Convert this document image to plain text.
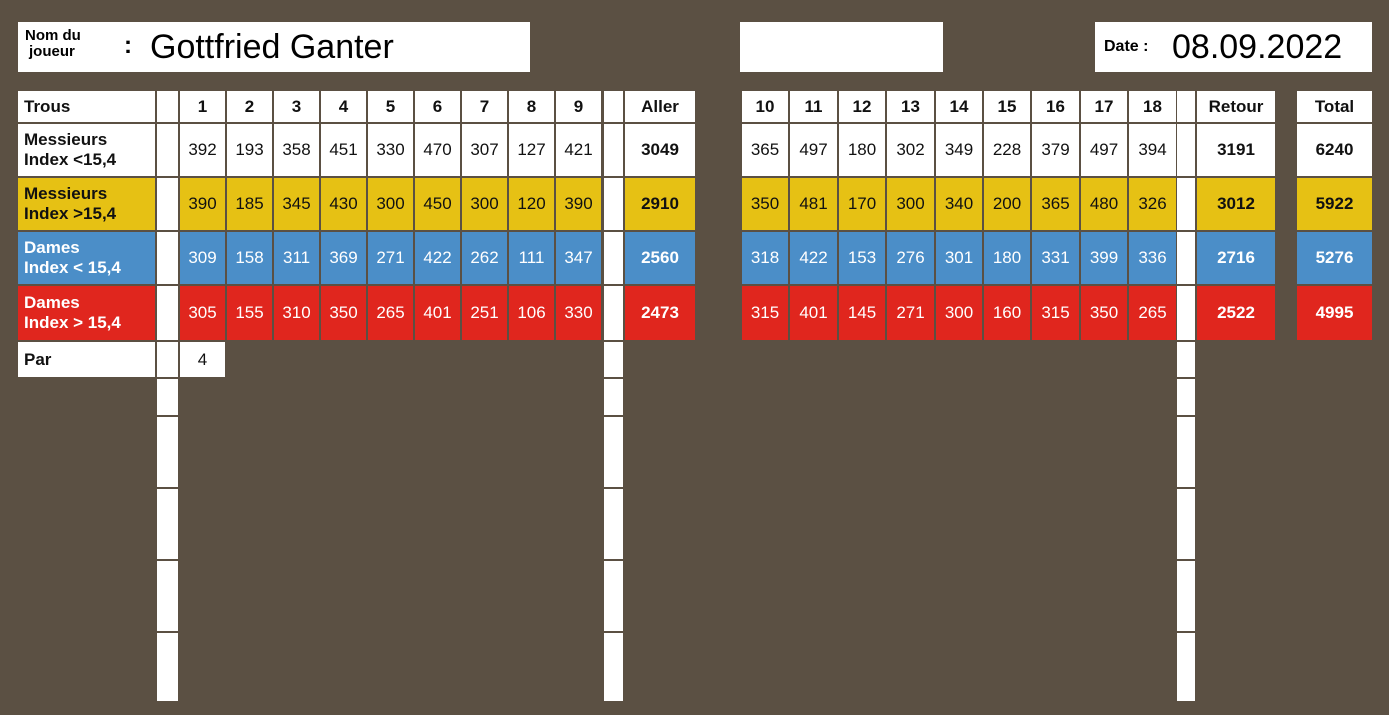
Nom du
joueur : Gottfried Ganter	Date : 08.09.2022
Trous	1	2	3	4	5	6	7	8	9	Aller	10	11	12	13	14	15	16	17	18	Retour	Total
Messieurs
Index <15,4
392	193	358	451	330	470	307	127	421	3049	365	497	180	302	349	228	379	497	394	3191	6240
Messieurs
Index >15,4
390	185	345	430	300	450	300	120	390	2910	350	481	170	300	340	200	365	480	326	3012	5922
Dames
Index < 15,4
309	158	311	369	271	422	262	111	347	2560	318	422	153	276	301	180	331	399	336	2716	5276
Dames
Index > 15,4
305	155	310	350	265	401	251	106	330	2473	315	401	145	271	300	160	315	350	265	2522	4995
Par	4
